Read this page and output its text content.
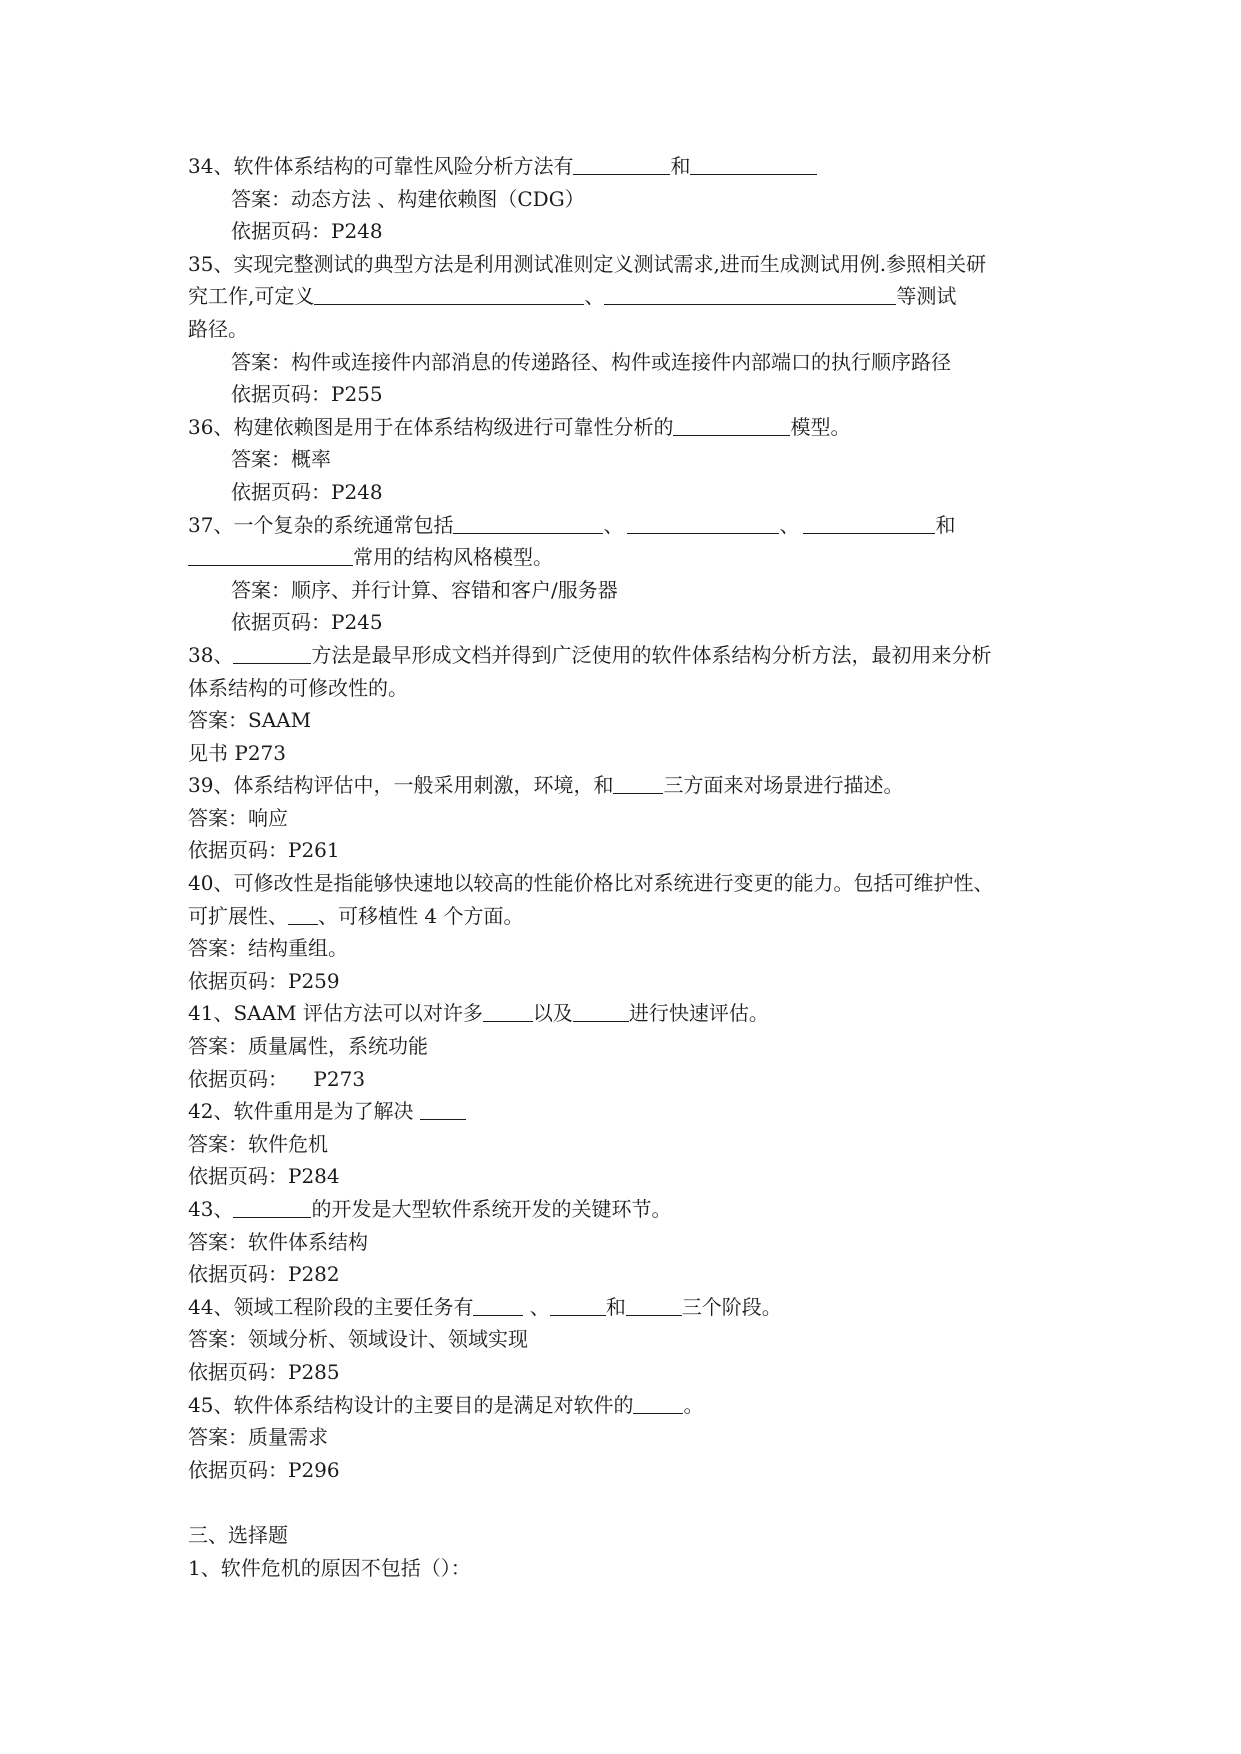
34、软件体系结构的可靠性风险分析方法有	和
答案：动态方法 、构建依赖图（CDG）
依据页码：P248
35、实现完整测试的典型方法是利用测试准则定义测试需求,进而生成测试用例.参照相关研
究工作,可定义	、	等测试
路径。
答案：构件或连接件内部消息的传递路径、构件或连接件内部端口的执行顺序路径
依据页码：P255
36、构建依赖图是用于在体系结构级进行可靠性分析的	模型。
答案：概率
依据页码：P248
37、一个复杂的系统通常包括	、	、	和
常用的结构风格模型。
答案：顺序、并行计算、容错和客户/服务器
依据页码：P245
38、	方法是最早形成文档并得到广泛使用的软件体系结构分析方法，最初用来分析
体系结构的可修改性的。
答案：SAAM
见书 P273
39、体系结构评估中，一般采用刺激，环境，和	三方面来对场景进行描述。
答案：响应
依据页码：P261
40、可修改性是指能够快速地以较高的性能价格比对系统进行变更的能力。包括可维护性、
可扩展性、 、可移植性 4 个方面。
答案：结构重组。
依据页码：P259
41、SAAM 评估方法可以对许多	以及	进行快速评估。
答案：质量属性，系统功能
依据页码：    P273
42、软件重用是为了解决
答案：软件危机
依据页码：P284
43、	的开发是大型软件系统开发的关键环节。
答案：软件体系结构
依据页码：P282
44、领域工程阶段的主要任务有	、	和	三个阶段。
答案：领域分析、领域设计、领域实现
依据页码：P285
45、软件体系结构设计的主要目的是满足对软件的	。
答案：质量需求
依据页码：P296
三、选择题
1、软件危机的原因不包括（）：
